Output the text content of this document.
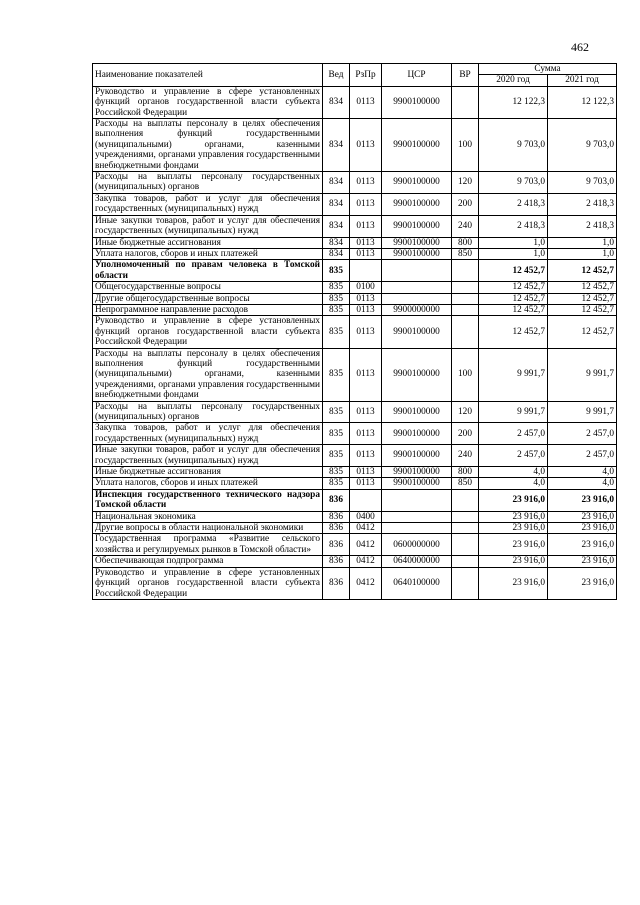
462
Наименование показателей	Вед	РзПр	ЦСР	ВР	Сумма	
					2020 год	2021 год
Руководство и управление в сфере установленных функций органов государственной власти субъекта Российской Федерации	834	0113	9900100000		12 122,3	12 122,3
Расходы на выплаты персоналу в целях обеспечения выполнения функций государственными (муниципальными) органами, казенными учреждениями, органами управления государственными внебюджетными фондами	834	0113	9900100000	100	9 703,0	9 703,0
Расходы на выплаты персоналу государственных (муниципальных) органов	834	0113	9900100000	120	9 703,0	9 703,0
Закупка товаров, работ и услуг для обеспечения государственных (муниципальных) нужд	834	0113	9900100000	200	2 418,3	2 418,3
Иные закупки товаров, работ и услуг для обеспечения государственных (муниципальных) нужд	834	0113	9900100000	240	2 418,3	2 418,3
Иные бюджетные ассигнования	834	0113	9900100000	800	1,0	1,0
Уплата налогов, сборов и иных платежей	834	0113	9900100000	850	1,0	1,0
Уполномоченный по правам человека в Томской области	835				12 452,7	12 452,7
Общегосударственные вопросы	835	0100			12 452,7	12 452,7
Другие общегосударственные вопросы	835	0113			12 452,7	12 452,7
Непрограммное направление расходов	835	0113	9900000000		12 452,7	12 452,7
Руководство и управление в сфере установленных функций органов государственной власти субъекта Российской Федерации	835	0113	9900100000		12 452,7	12 452,7
Расходы на выплаты персоналу в целях обеспечения выполнения функций государственными (муниципальными) органами, казенными учреждениями, органами управления государственными внебюджетными фондами	835	0113	9900100000	100	9 991,7	9 991,7
Расходы на выплаты персоналу государственных (муниципальных) органов	835	0113	9900100000	120	9 991,7	9 991,7
Закупка товаров, работ и услуг для обеспечения государственных (муниципальных) нужд	835	0113	9900100000	200	2 457,0	2 457,0
Иные закупки товаров, работ и услуг для обеспечения государственных (муниципальных) нужд	835	0113	9900100000	240	2 457,0	2 457,0
Иные бюджетные ассигнования	835	0113	9900100000	800	4,0	4,0
Уплата налогов, сборов и иных платежей	835	0113	9900100000	850	4,0	4,0
Инспекция государственного технического надзора Томской области	836				23 916,0	23 916,0
Национальная экономика	836	0400			23 916,0	23 916,0
Другие вопросы в области национальной экономики	836	0412			23 916,0	23 916,0
Государственная программа «Развитие сельского хозяйства и регулируемых рынков в Томской области»	836	0412	0600000000		23 916,0	23 916,0
Обеспечивающая подпрограмма	836	0412	0640000000		23 916,0	23 916,0
Руководство и управление в сфере установленных функций органов государственной власти субъекта Российской Федерации	836	0412	0640100000		23 916,0	23 916,0
